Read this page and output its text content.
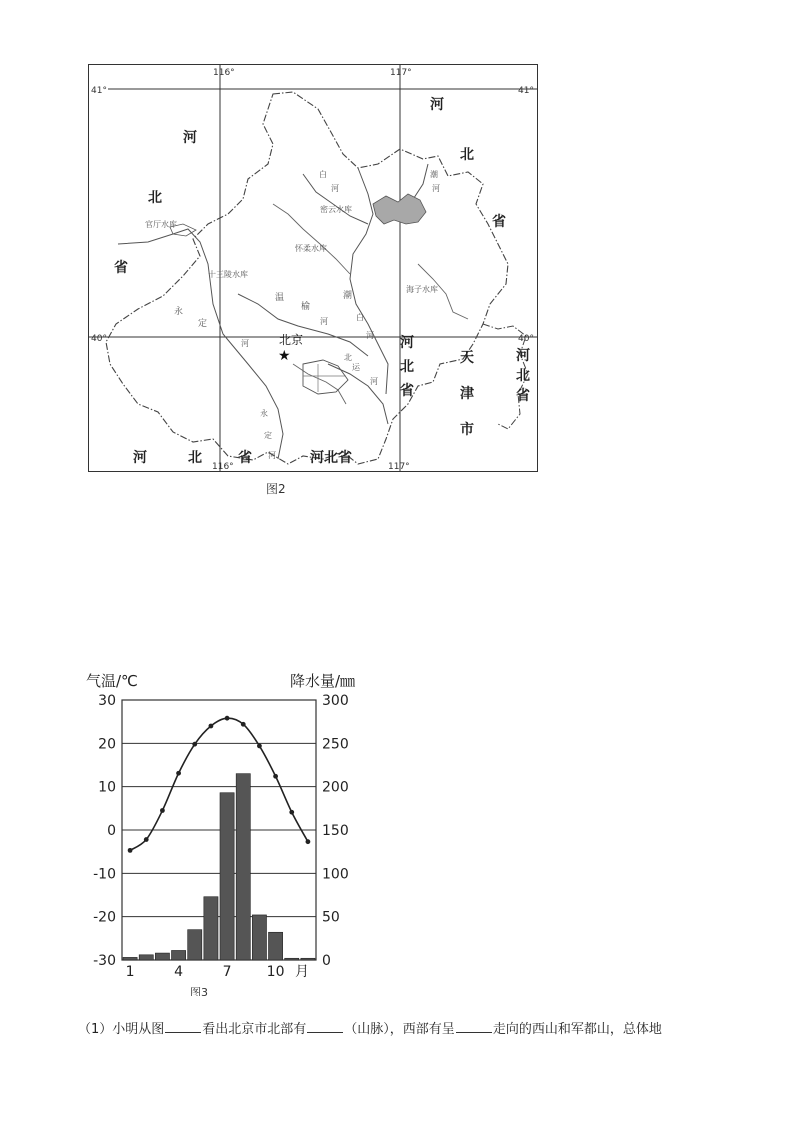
116°	117°
41°	41°
40°	40°
116°	117°
★
北京
密云水库
官厅水库
怀柔水库
十三陵水库
海子水库
白
河
潮
河
永
定
河
温
榆
河
潮
白
河
北
运
河
永
定
河
河
北
省
河
北
省
河
北
省
天
津
市
河
北
省
河	北	省	河北省
图2
气温/℃	降水量/㎜
30
20
10
0
-10
-20
-30
300
250
200
150
100
50
0
1	4	7	10 月
图3
（1）小明从图	看出北京市北部有	（山脉），西部有呈	走向的西山和军都山，总体地
